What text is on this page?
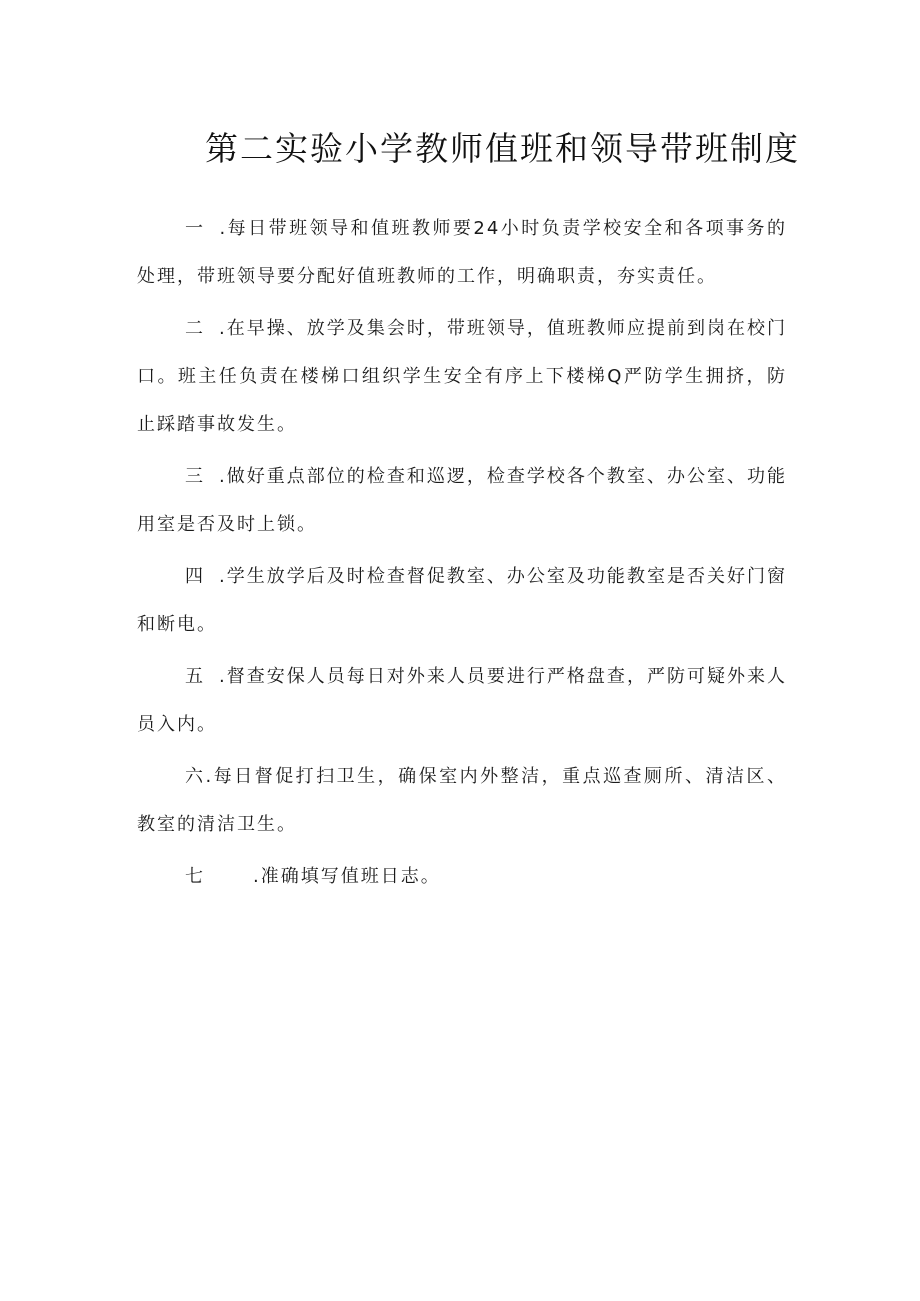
第二实验小学教师值班和领导带班制度

一 .每日带班领导和值班教师要24小时负责学校安全和各项事务的处理，带班领导要分配好值班教师的工作，明确职责，夯实责任。

二 .在早操、放学及集会时，带班领导，值班教师应提前到岗在校门口。班主任负责在楼梯口组织学生安全有序上下楼梯Q严防学生拥挤，防止踩踏事故发生。

三 .做好重点部位的检查和巡逻，检查学校各个教室、办公室、功能用室是否及时上锁。

四 .学生放学后及时检查督促教室、办公室及功能教室是否关好门窗和断电。

五 .督查安保人员每日对外来人员要进行严格盘查，严防可疑外来人员入内。

六.每日督促打扫卫生，确保室内外整洁，重点巡查厕所、清洁区、教室的清洁卫生。

七	.准确填写值班日志。
